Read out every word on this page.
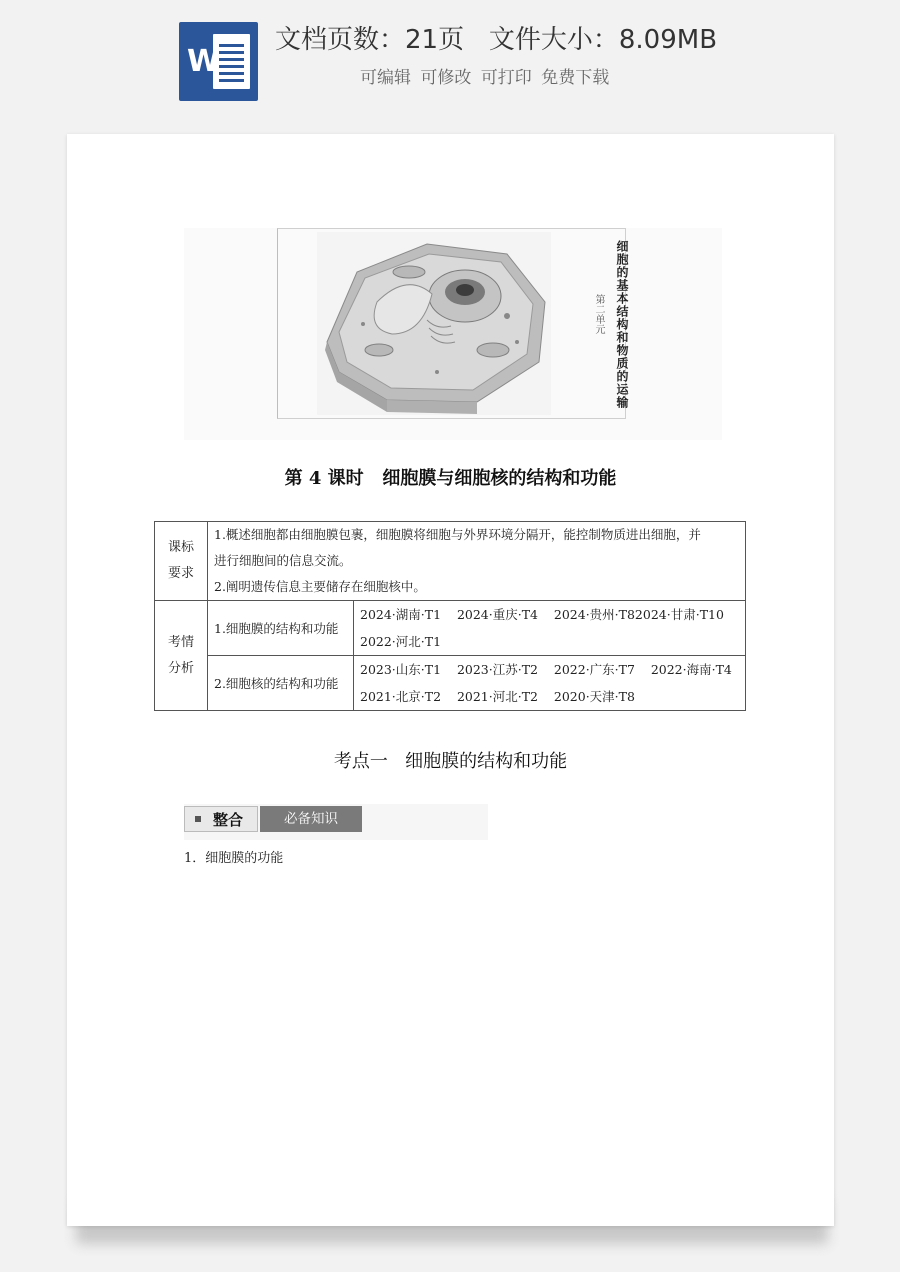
W
文档页数：21页   文件大小：8.09MB
可编辑 可修改 可打印 免费下载
第二单元 细胞的基本结构和物质的运输
第 4 课时   细胞膜与细胞核的结构和功能
课标
要求	1.概述细胞都由细胞膜包裹，细胞膜将细胞与外界环境分隔开，能控制物质进出细胞，并
进行细胞间的信息交流。
2.阐明遗传信息主要储存在细胞核中。	

考情
分析	1.细胞膜的结构和功能	2024·湖南·T1    2024·重庆·T4    2024·贵州·T82024·甘肃·T10
2022·河北·T1

	2.细胞核的结构和功能	2023·山东·T1    2023·江苏·T2    2022·广东·T7    2022·海南·T4
2021·北京·T2    2021·河北·T2    2020·天津·T8
考点一   细胞膜的结构和功能
整合	必备知识
1．细胞膜的功能
